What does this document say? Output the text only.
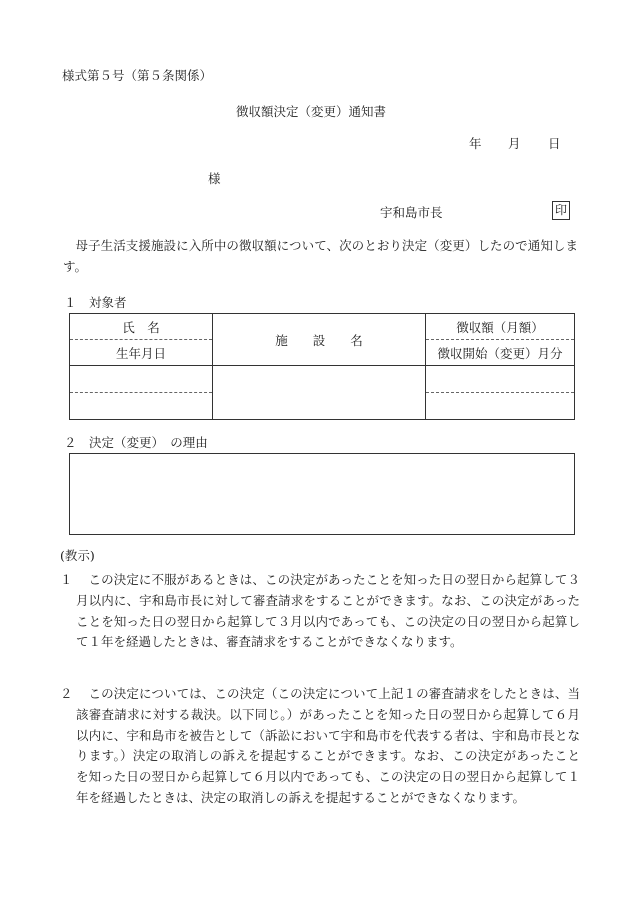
様式第５号（第５条関係）
徴収額決定（変更）通知書
年 月 日
様
宇和島市長	印
母子生活支援施設に入所中の徴収額について、次のとおり決定（変更）したので通知します。
１　対象者
氏　名	施　　設　　名	徴収額（月額）
生年月日		徴収開始（変更）月分

２　決定（変更）　の理由
(教示)
１	この決定に不服があるときは、この決定があったことを知った日の翌日から起算して３月以内に、宇和島市長に対して審査請求をすることができます。なお、この決定があったことを知った日の翌日から起算して３月以内であっても、この決定の日の翌日から起算して１年を経過したときは、審査請求をすることができなくなります。
２	この決定については、この決定（この決定について上記１の審査請求をしたときは、当該審査請求に対する裁決。以下同じ。）があったことを知った日の翌日から起算して６月以内に、宇和島市を被告として（訴訟において宇和島市を代表する者は、宇和島市長となります。）決定の取消しの訴えを提起することができます。なお、この決定があったことを知った日の翌日から起算して６月以内であっても、この決定の日の翌日から起算して１年を経過したときは、決定の取消しの訴えを提起することができなくなります。
